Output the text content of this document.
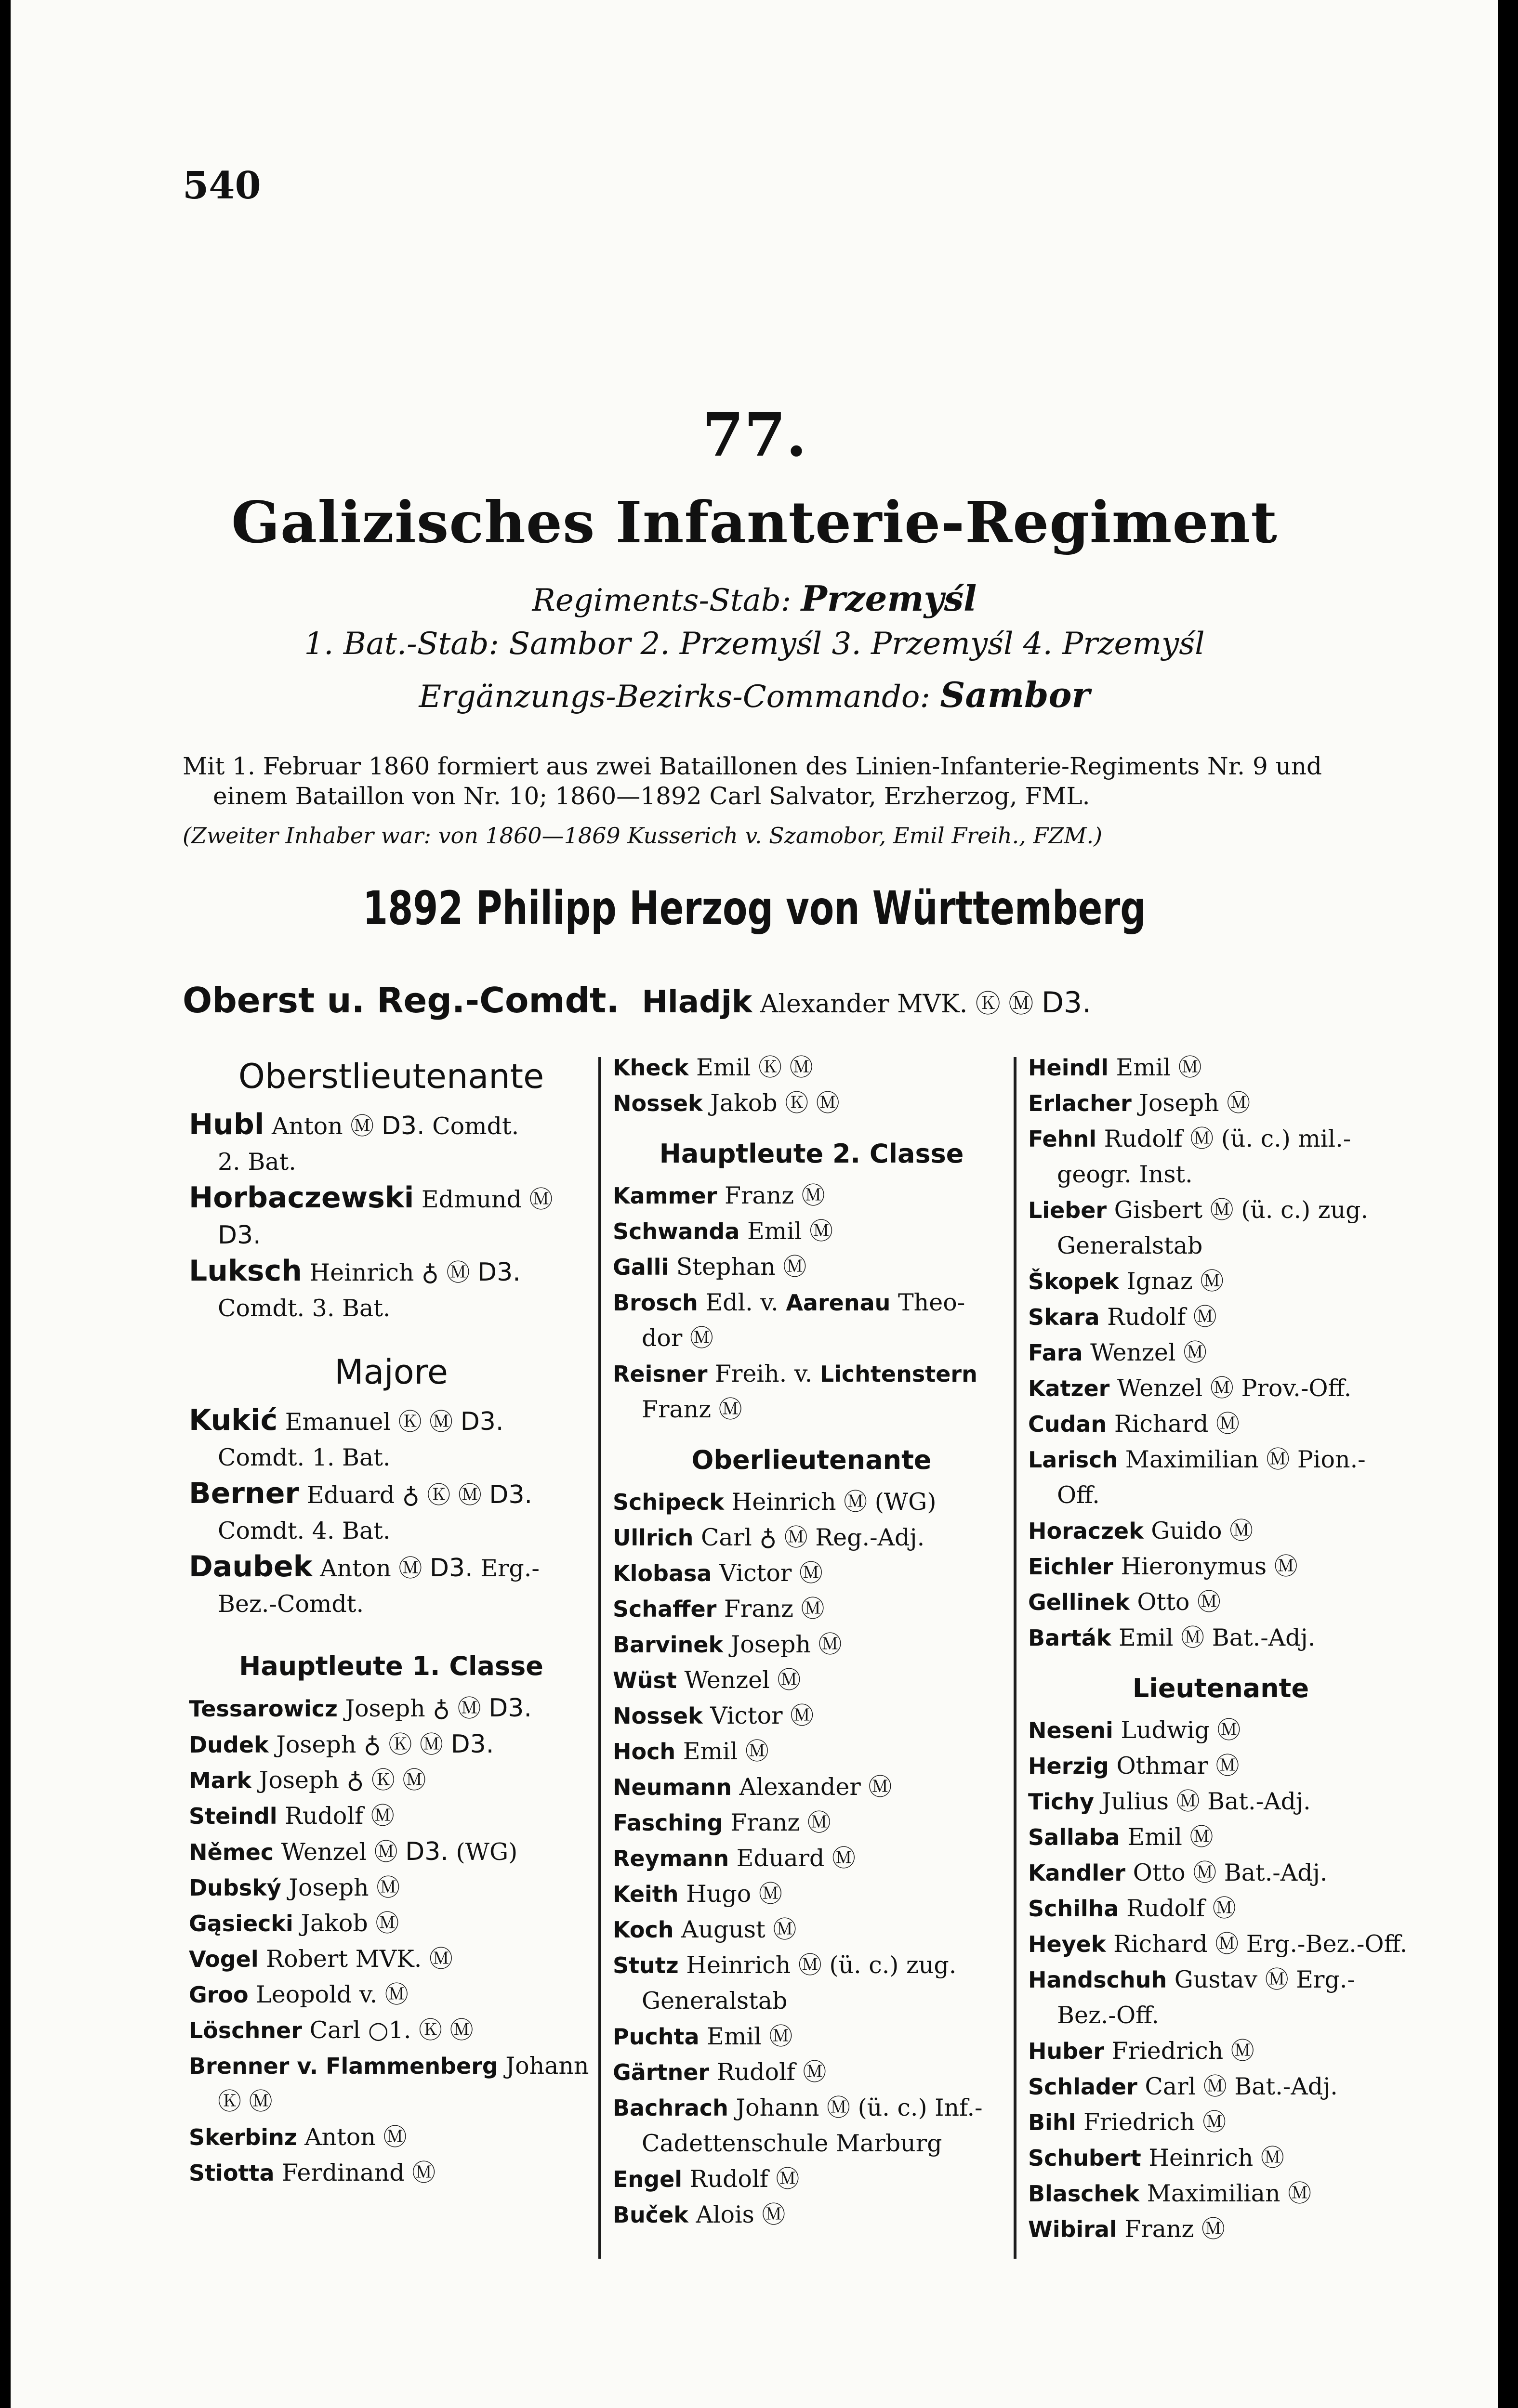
540
77.
Galizisches Infanterie-Regiment
Regiments-Stab: Przemyśl
1. Bat.-Stab: Sambor 2. Przemyśl 3. Przemyśl 4. Przemyśl
Ergänzungs-Bezirks-Commando: Sambor

Mit 1. Februar 1860 formiert aus zwei Bataillonen des Linien-Infanterie-Regiments Nr. 9 und

einem Bataillon von Nr. 10; 1860—1892 Carl Salvator, Erzherzog, FML.

(Zweiter Inhaber war: von 1860—1869 Kusserich v. Szamobor, Emil Freih., FZM.)
1892 Philipp Herzog von Württemberg
Oberst u. Reg.-Comdt. Hladjk Alexander MVK. Ⓚ Ⓜ D3.
Oberstlieutenante
Hubl Anton Ⓜ D3. Comdt.
2. Bat.
Horbaczewski Edmund Ⓜ
D3.
Luksch Heinrich ♁ Ⓜ D3.
Comdt. 3. Bat.
Majore
Kukić Emanuel Ⓚ Ⓜ D3.
Comdt. 1. Bat.
Berner Eduard ♁ Ⓚ Ⓜ D3.
Comdt. 4. Bat.
Daubek Anton Ⓜ D3. Erg.-
Bez.-Comdt.
Hauptleute 1. Classe
Tessarowicz Joseph ♁ Ⓜ D3.
Dudek Joseph ♁ Ⓚ Ⓜ D3.
Mark Joseph ♁ Ⓚ Ⓜ
Steindl Rudolf Ⓜ
Němec Wenzel Ⓜ D3. (WG)
Dubský Joseph Ⓜ
Gąsiecki Jakob Ⓜ
Vogel Robert MVK. Ⓜ
Groo Leopold v. Ⓜ
Löschner Carl ○1. Ⓚ Ⓜ
Brenner v. Flammenberg Johann
Ⓚ Ⓜ
Skerbinz Anton Ⓜ
Stiotta Ferdinand Ⓜ
Kheck Emil Ⓚ Ⓜ
Nossek Jakob Ⓚ Ⓜ
Hauptleute 2. Classe
Kammer Franz Ⓜ
Schwanda Emil Ⓜ
Galli Stephan Ⓜ
Brosch Edl. v. Aarenau Theo-
dor Ⓜ
Reisner Freih. v. Lichtenstern
Franz Ⓜ
Oberlieutenante
Schipeck Heinrich Ⓜ (WG)
Ullrich Carl ♁ Ⓜ Reg.-Adj.
Klobasa Victor Ⓜ
Schaffer Franz Ⓜ
Barvinek Joseph Ⓜ
Wüst Wenzel Ⓜ
Nossek Victor Ⓜ
Hoch Emil Ⓜ
Neumann Alexander Ⓜ
Fasching Franz Ⓜ
Reymann Eduard Ⓜ
Keith Hugo Ⓜ
Koch August Ⓜ
Stutz Heinrich Ⓜ (ü. c.) zug.
Generalstab
Puchta Emil Ⓜ
Gärtner Rudolf Ⓜ
Bachrach Johann Ⓜ (ü. c.) Inf.-
Cadettenschule Marburg
Engel Rudolf Ⓜ
Buček Alois Ⓜ
Heindl Emil Ⓜ
Erlacher Joseph Ⓜ
Fehnl Rudolf Ⓜ (ü. c.) mil.-
geogr. Inst.
Lieber Gisbert Ⓜ (ü. c.) zug.
Generalstab
Škopek Ignaz Ⓜ
Skara Rudolf Ⓜ
Fara Wenzel Ⓜ
Katzer Wenzel Ⓜ Prov.-Off.
Cudan Richard Ⓜ
Larisch Maximilian Ⓜ Pion.-
Off.
Horaczek Guido Ⓜ
Eichler Hieronymus Ⓜ
Gellinek Otto Ⓜ
Barták Emil Ⓜ Bat.-Adj.
Lieutenante
Neseni Ludwig Ⓜ
Herzig Othmar Ⓜ
Tichy Julius Ⓜ Bat.-Adj.
Sallaba Emil Ⓜ
Kandler Otto Ⓜ Bat.-Adj.
Schilha Rudolf Ⓜ
Heyek Richard Ⓜ Erg.-Bez.-Off.
Handschuh Gustav Ⓜ Erg.-
Bez.-Off.
Huber Friedrich Ⓜ
Schlader Carl Ⓜ Bat.-Adj.
Bihl Friedrich Ⓜ
Schubert Heinrich Ⓜ
Blaschek Maximilian Ⓜ
Wibiral Franz Ⓜ
